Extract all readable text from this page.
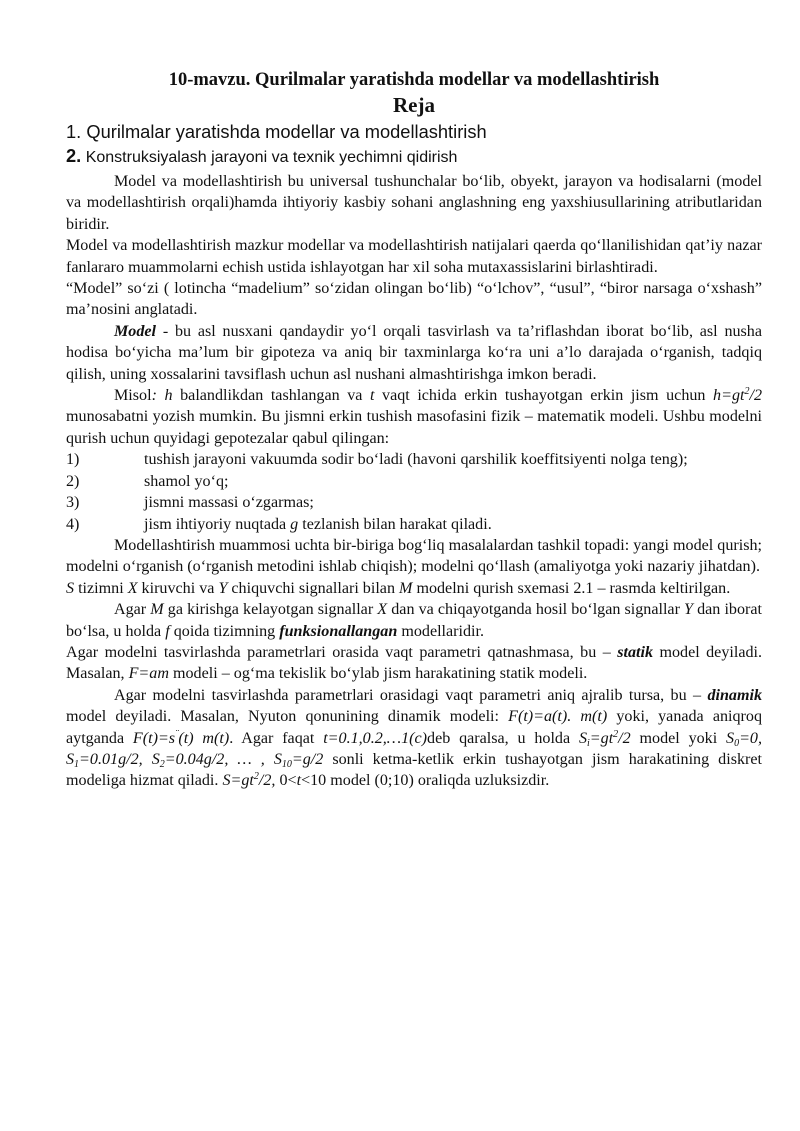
10-mavzu. Qurilmalar yaratishda modellar va modellashtirish
Reja
1. Qurilmalar yaratishda modellar va modellashtirish
2. Konstruksiyalash jarayoni va texnik yechimni qidirish

Model va modellashtirish bu universal tushunchalar bo‘lib, obyekt, jarayon va hodisalarni (model va modellashtirish orqali)hamda ihtiyoriy kasbiy sohani anglashning eng yaxshiusullarining atributlaridan biridir.

Model va modellashtirish mazkur modellar va modellashtirish natijalari qaerda qo‘llanilishidan qat’iy nazar fanlararo muammolarni echish ustida ishlayotgan har xil soha mutaxassislarini birlashtiradi.

“Model” so‘zi ( lotincha “madelium” so‘zidan olingan bo‘lib) “o‘lchov”, “usul”, “biror narsaga o‘xshash” ma’nosini anglatadi.

Model - bu asl nusxani qandaydir yo‘l orqali tasvirlash va ta’riflashdan iborat bo‘lib, asl nusha hodisa bo‘yicha ma’lum bir gipoteza va aniq bir taxminlarga ko‘ra uni a’lo darajada o‘rganish, tadqiq qilish, uning xossalarini tavsiflash uchun asl nushani almashtirishga imkon beradi.

Misol: h balandlikdan tashlangan va t vaqt ichida erkin tushayotgan erkin jism uchun $h=gt^2/2$ munosabatni yozish mumkin. Bu jismni erkin tushish masofasini fizik – matematik modeli. Ushbu modelni qurish uchun quyidagi gepotezalar qabul qilingan:

1)	tushish jarayoni vakuumda sodir bo‘ladi (havoni qarshilik koeffitsiyenti nolga teng);
2)	shamol yo‘q;
3)	jismni massasi o‘zgarmas;
4)	jism ihtiyoriy nuqtada g tezlanish bilan harakat qiladi.

Modellashtirish muammosi uchta bir-biriga bog‘liq masalalardan tashkil topadi: yangi model qurish; modelni o‘rganish (o‘rganish metodini ishlab chiqish); modelni qo‘llash (amaliyotga yoki nazariy jihatdan).

S tizimni X kiruvchi va Y chiquvchi signallari bilan M modelni qurish sxemasi 2.1 – rasmda keltirilgan.

Agar M ga kirishga kelayotgan signallar X dan va chiqayotganda hosil bo‘lgan signallar Y dan iborat bo‘lsa, u holda f qoida tizimning funksionallangan modellaridir.

Agar modelni tasvirlashda parametrlari orasida vaqt parametri qatnashmasa, bu – statik model deyiladi. Masalan, F=am modeli – og‘ma tekislik bo‘ylab jism harakatining statik modeli.

Agar modelni tasvirlashda parametrlari orasidagi vaqt parametri aniq ajralib tursa, bu – dinamik model deyiladi. Masalan, Nyuton qonunining dinamik modeli: F(t)=a(t). m(t) yoki, yanada aniqroq aytganda F(t)=s¨(t) m(t). Agar faqat t=0.1,0.2,…1(c)deb qaralsa, u holda $S_i=gt^2/2$ model yoki $S_0=0$, $S_1=0.01g/2$, $S_2=0.04g/2$, … , $S_{10}=g/2$ sonli ketma-ketlik erkin tushayotgan jism harakatining diskret modeliga hizmat qiladi. $S=gt^2/2$, 0<t<10 model (0;10) oraliqda uzluksizdir.
